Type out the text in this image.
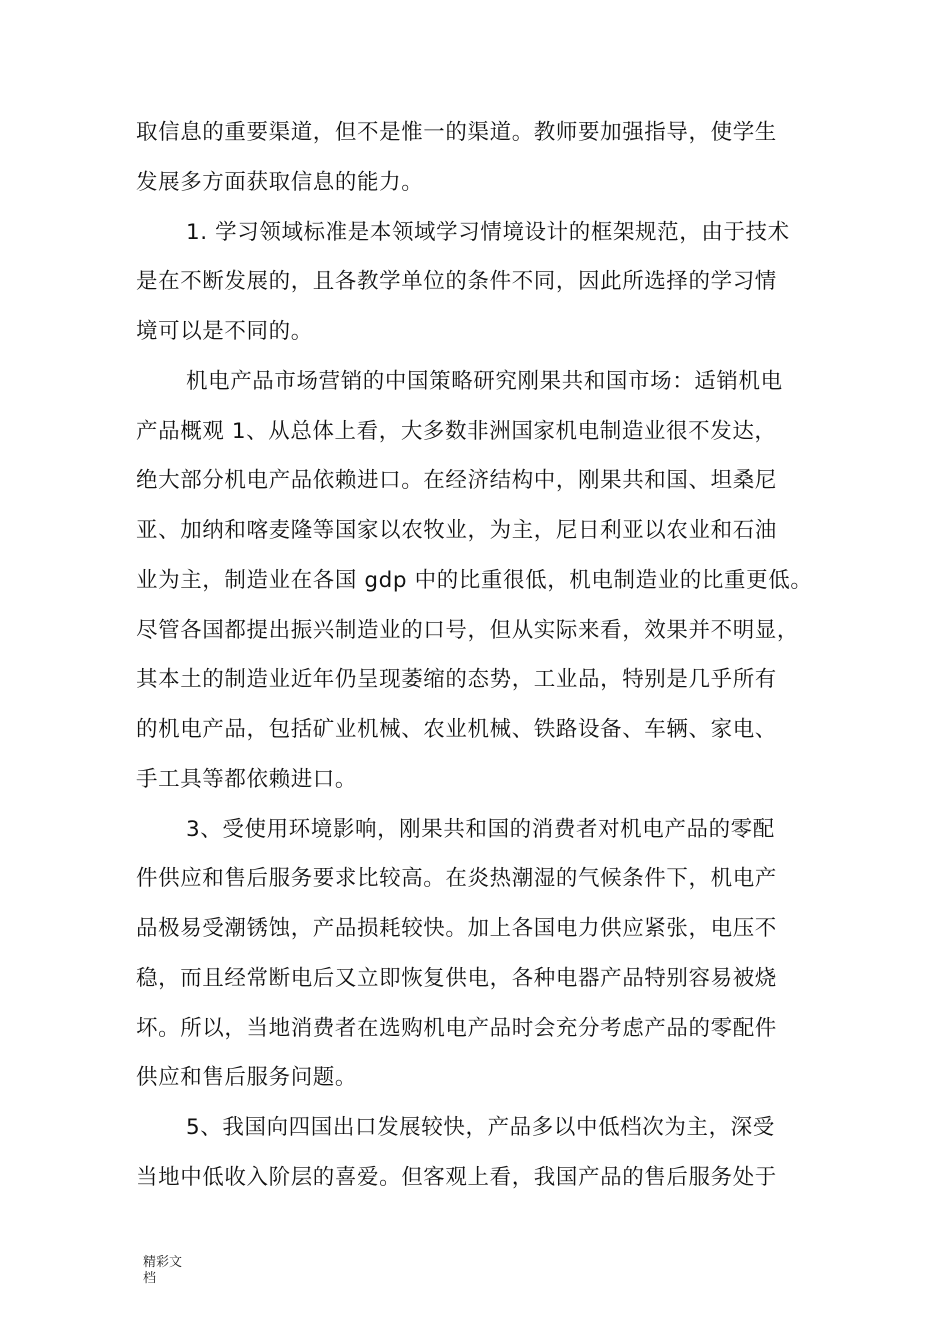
取信息的重要渠道，但不是惟一的渠道。教师要加强指导，使学生
发展多方面获取信息的能力。
1. 学习领域标准是本领域学习情境设计的框架规范，由于技术
是在不断发展的，且各教学单位的条件不同，因此所选择的学习情
境可以是不同的。
机电产品市场营销的中国策略研究刚果共和国市场：适销机电
产品概观 1、从总体上看，大多数非洲国家机电制造业很不发达，
绝大部分机电产品依赖进口。在经济结构中，刚果共和国、坦桑尼
亚、加纳和喀麦隆等国家以农牧业，为主，尼日利亚以农业和石油
业为主，制造业在各国 gdp 中的比重很低，机电制造业的比重更低。
尽管各国都提出振兴制造业的口号，但从实际来看，效果并不明显，
其本土的制造业近年仍呈现萎缩的态势，工业品，特别是几乎所有
的机电产品，包括矿业机械、农业机械、铁路设备、车辆、家电、
手工具等都依赖进口。
3、受使用环境影响，刚果共和国的消费者对机电产品的零配
件供应和售后服务要求比较高。在炎热潮湿的气候条件下，机电产
品极易受潮锈蚀，产品损耗较快。加上各国电力供应紧张，电压不
稳，而且经常断电后又立即恢复供电，各种电器产品特别容易被烧
坏。所以，当地消费者在选购机电产品时会充分考虑产品的零配件
供应和售后服务问题。
5、我国向四国出口发展较快，产品多以中低档次为主，深受
当地中低收入阶层的喜爱。但客观上看，我国产品的售后服务处于
精彩文
档
